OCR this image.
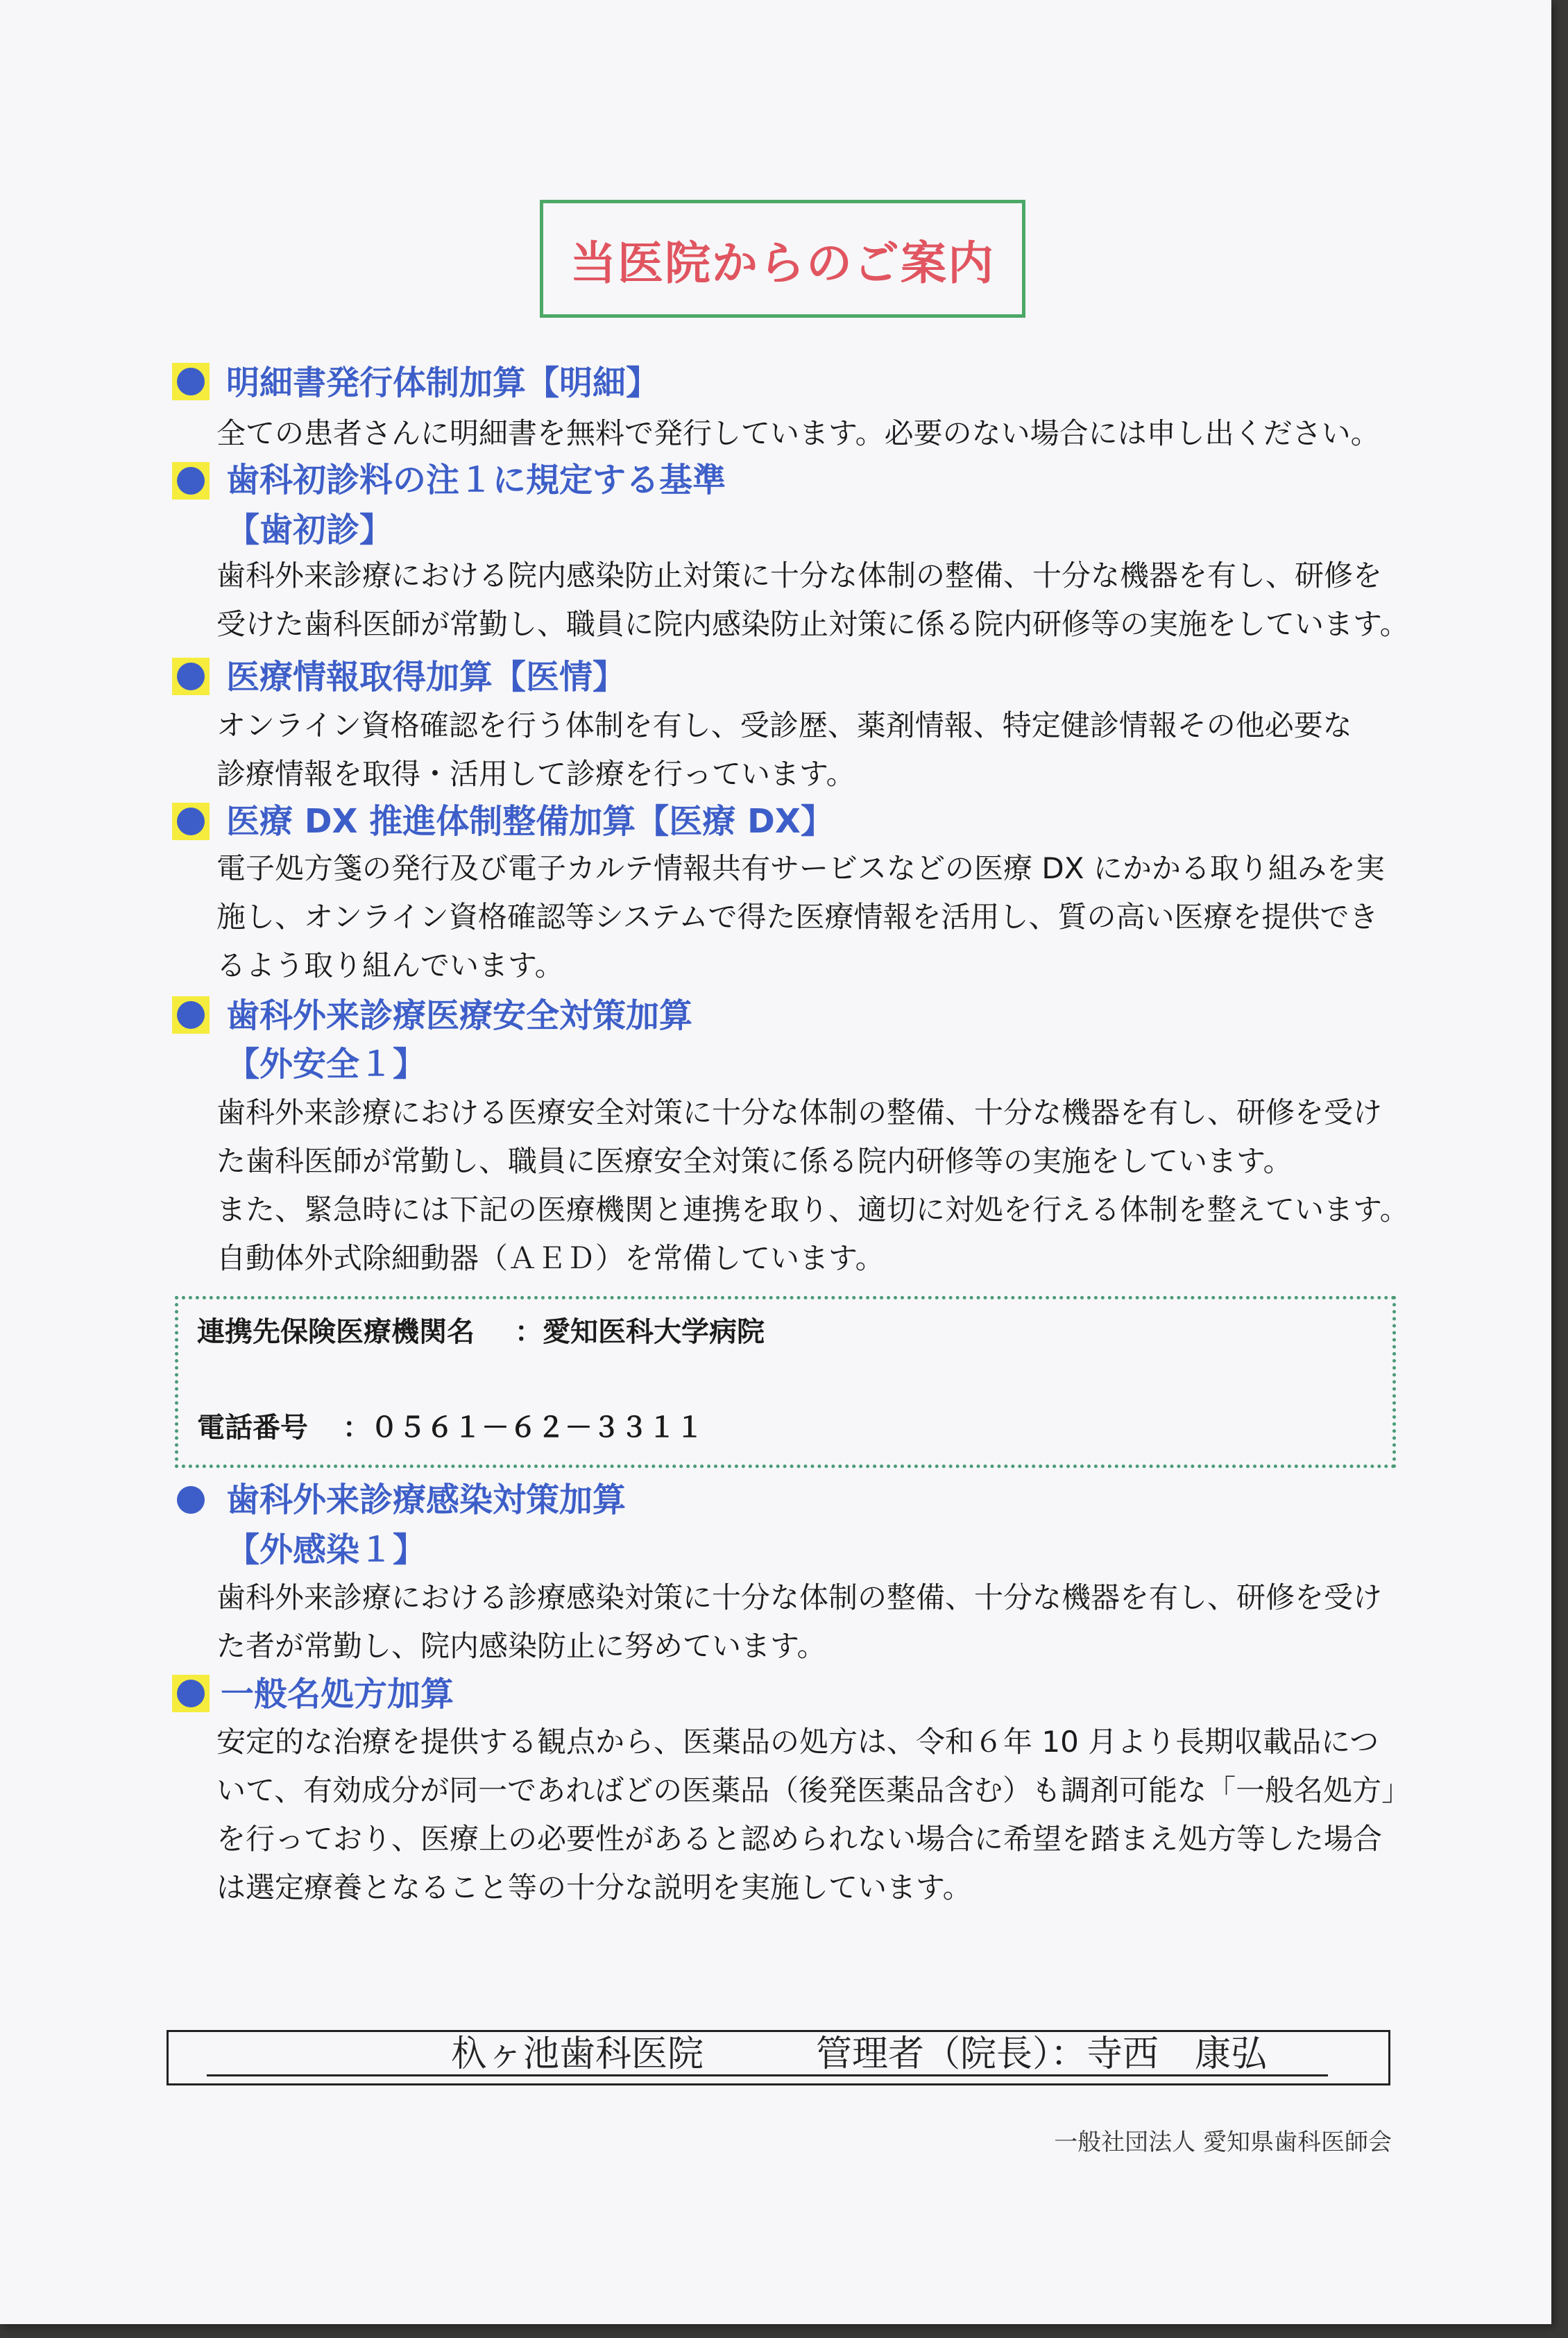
当医院からのご案内
明細書発行体制加算【明細】
全ての患者さんに明細書を無料で発行しています。必要のない場合には申し出ください。
歯科初診料の注１に規定する基準
【歯初診】
歯科外来診療における院内感染防止対策に十分な体制の整備、十分な機器を有し、研修を
受けた歯科医師が常勤し、職員に院内感染防止対策に係る院内研修等の実施をしています。
医療情報取得加算【医情】
オンライン資格確認を行う体制を有し、受診歴、薬剤情報、特定健診情報その他必要な
診療情報を取得・活用して診療を行っています。
医療 DX 推進体制整備加算【医療 DX】
電子処方箋の発行及び電子カルテ情報共有サービスなどの医療 DX にかかる取り組みを実
施し、オンライン資格確認等システムで得た医療情報を活用し、質の高い医療を提供でき
るよう取り組んでいます。
歯科外来診療医療安全対策加算
【外安全１】
歯科外来診療における医療安全対策に十分な体制の整備、十分な機器を有し、研修を受け
た歯科医師が常勤し、職員に医療安全対策に係る院内研修等の実施をしています。
また、緊急時には下記の医療機関と連携を取り、適切に対処を行える体制を整えています。
自動体外式除細動器（ＡＥＤ）を常備しています。
連携先保険医療機関名 ：愛知医科大学病院
電話番号 ：０５６１－６２－３３１１
歯科外来診療感染対策加算
【外感染１】
歯科外来診療における診療感染対策に十分な体制の整備、十分な機器を有し、研修を受け
た者が常勤し、院内感染防止に努めています。
一般名処方加算
安定的な治療を提供する観点から、医薬品の処方は、令和６年 10 月より長期収載品につ
いて、有効成分が同一であればどの医薬品（後発医薬品含む）も調剤可能な「一般名処方」
を行っており、医療上の必要性があると認められない場合に希望を踏まえ処方等した場合
は選定療養となること等の十分な説明を実施しています。
杁ヶ池歯科医院	管理者（院長）：寺西　康弘
一般社団法人 愛知県歯科医師会
